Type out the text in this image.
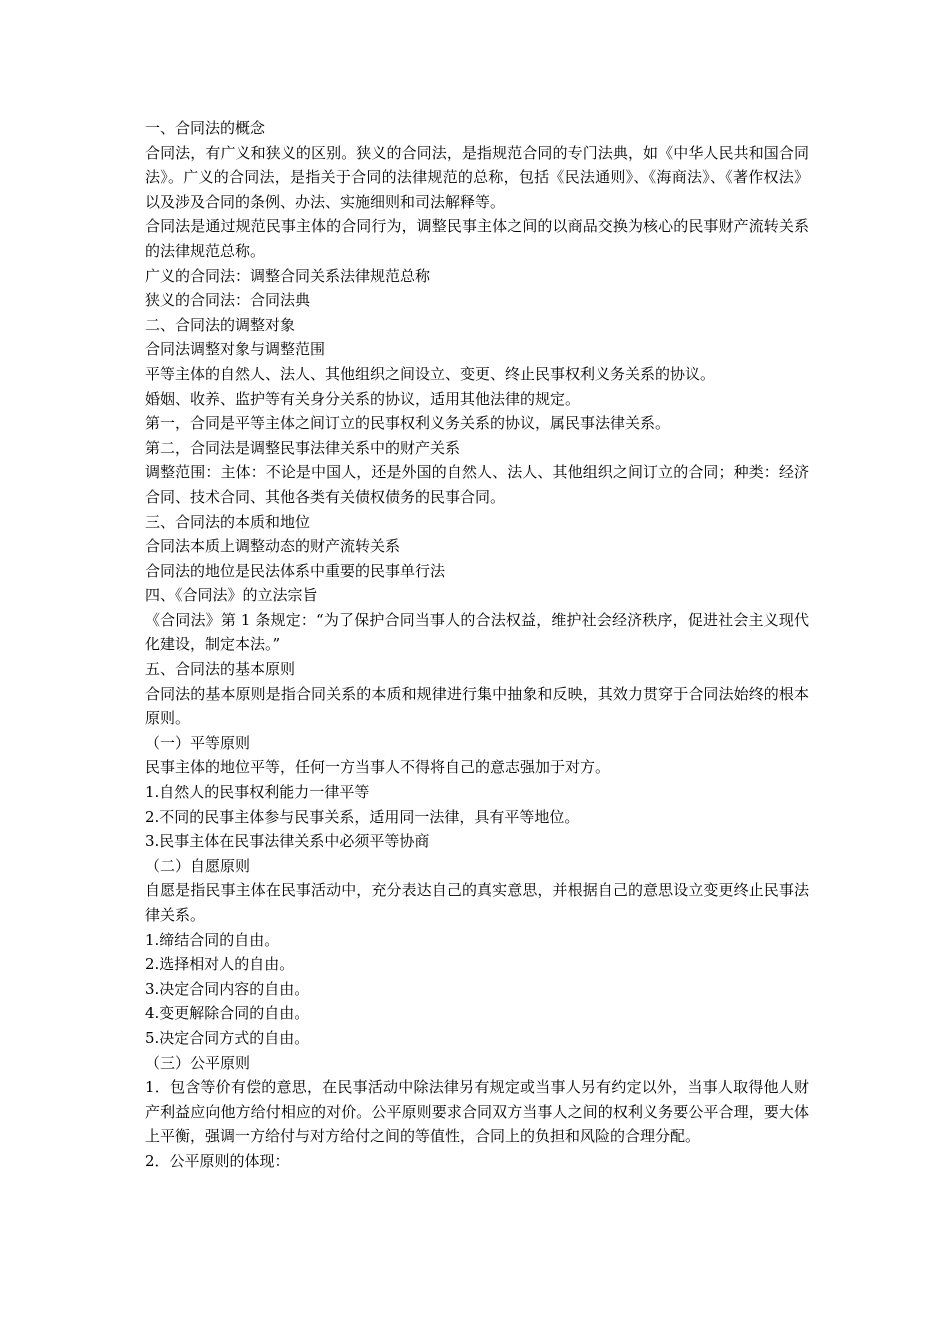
一、合同法的概念

合同法，有广义和狭义的区别。狭义的合同法，是指规范合同的专门法典，如《中华人民共和国合同法》。广义的合同法，是指关于合同的法律规范的总称，包括《民法通则》、《海商法》、《著作权法》以及涉及合同的条例、办法、实施细则和司法解释等。

合同法是通过规范民事主体的合同行为，调整民事主体之间的以商品交换为核心的民事财产流转关系的法律规范总称。

广义的合同法：调整合同关系法律规范总称

狭义的合同法：合同法典

二、合同法的调整对象

合同法调整对象与调整范围

平等主体的自然人、法人、其他组织之间设立、变更、终止民事权利义务关系的协议。

婚姻、收养、监护等有关身分关系的协议，适用其他法律的规定。

第一，合同是平等主体之间订立的民事权利义务关系的协议，属民事法律关系。

第二，合同法是调整民事法律关系中的财产关系

调整范围：主体：不论是中国人，还是外国的自然人、法人、其他组织之间订立的合同；种类：经济合同、技术合同、其他各类有关债权债务的民事合同。

三、合同法的本质和地位

合同法本质上调整动态的财产流转关系

合同法的地位是民法体系中重要的民事单行法

四、《合同法》的立法宗旨

《合同法》第 1 条规定：“为了保护合同当事人的合法权益，维护社会经济秩序，促进社会主义现代化建设，制定本法。”

五、合同法的基本原则

合同法的基本原则是指合同关系的本质和规律进行集中抽象和反映，其效力贯穿于合同法始终的根本原则。

（一）平等原则

民事主体的地位平等，任何一方当事人不得将自己的意志强加于对方。

1.自然人的民事权利能力一律平等

2.不同的民事主体参与民事关系，适用同一法律，具有平等地位。

3.民事主体在民事法律关系中必须平等协商

（二）自愿原则

自愿是指民事主体在民事活动中，充分表达自己的真实意思，并根据自己的意思设立变更终止民事法律关系。

1.缔结合同的自由。

2.选择相对人的自由。

3.决定合同内容的自由。

4.变更解除合同的自由。

5.决定合同方式的自由。

（三）公平原则

1．包含等价有偿的意思，在民事活动中除法律另有规定或当事人另有约定以外，当事人取得他人财产利益应向他方给付相应的对价。公平原则要求合同双方当事人之间的权利义务要公平合理，要大体上平衡，强调一方给付与对方给付之间的等值性，合同上的负担和风险的合理分配。

2．公平原则的体现：
